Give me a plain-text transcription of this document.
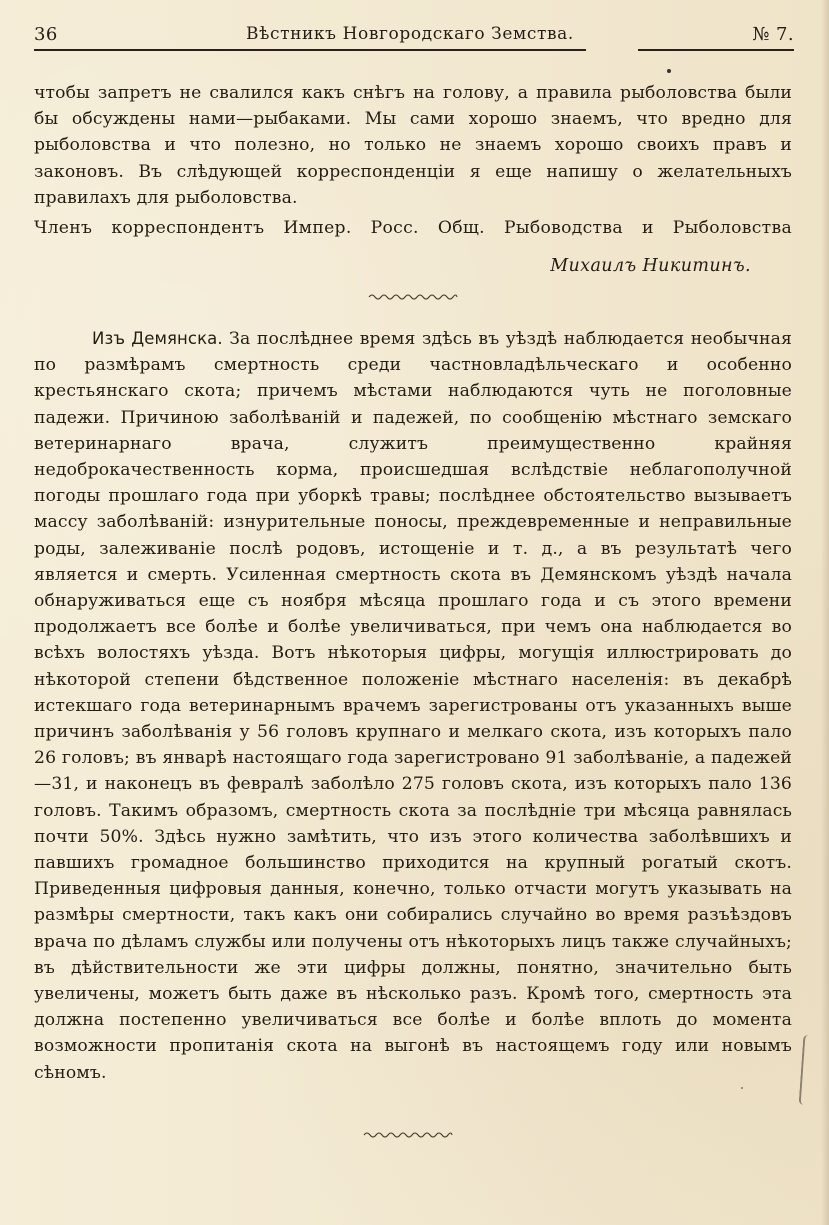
36	Вѣстникъ Новгородскаго Земства.	№ 7.
чтобы запретъ не свалился какъ снѣгъ на голову, а правила рыболовства были бы обсуждены нами—рыбаками. Мы сами хорошо знаемъ, что вредно для рыболовства и что полезно, но только не знаемъ хорошо своихъ правъ и законовъ. Въ слѣдующей корреспонденціи я еще напишу о желательныхъ правилахъ для рыболовства.
Членъ корреспондентъ Импер. Росс. Общ. Рыбоводства и Рыболовства
Михаилъ Никитинъ.
Изъ Демянска. За послѣднее время здѣсь въ уѣздѣ наблюдается необычная по размѣрамъ смертность среди частновладѣльческаго и особенно крестьянскаго скота; причемъ мѣстами наблюдаются чуть не поголовные падежи. Причиною заболѣваній и падежей, по сообщенію мѣстнаго земскаго ветеринарнаго врача, служитъ преимущественно крайняя недоброкачественность корма, происшедшая вслѣдствіе неблагополучной погоды прошлаго года при уборкѣ травы; послѣднее обстоятельство вызываетъ массу заболѣваній: изнурительные поносы, преждевременные и неправильные роды, залеживаніе послѣ родовъ, истощеніе и т. д., а въ результатѣ чего является и смерть. Усиленная смертность скота въ Демянскомъ уѣздѣ начала обнаруживаться еще съ ноября мѣсяца прошлаго года и съ этого времени продолжаетъ все болѣе и болѣе увеличиваться, при чемъ она наблюдается во всѣхъ волостяхъ уѣзда. Вотъ нѣкоторыя цифры, могущія иллюстрировать до нѣкоторой степени бѣдственное положеніе мѣстнаго населенія: въ декабрѣ истекшаго года ветеринарнымъ врачемъ зарегистрованы отъ указанныхъ выше причинъ заболѣванія у 56 головъ крупнаго и мелкаго скота, изъ которыхъ пало 26 головъ; въ январѣ настоящаго года зарегистровано 91 заболѣваніе, а падежей—31, и наконецъ въ февралѣ заболѣло 275 головъ скота, изъ которыхъ пало 136 головъ. Такимъ образомъ, смертность скота за послѣдніе три мѣсяца равнялась почти 50%. Здѣсь нужно замѣтить, что изъ этого количества заболѣвшихъ и павшихъ громадное большинство приходится на крупный рогатый скотъ. Приведенныя цифровыя данныя, конечно, только отчасти могутъ указывать на размѣры смертности, такъ какъ они собирались случайно во время разъѣздовъ врача по дѣламъ службы или получены отъ нѣкоторыхъ лицъ также случайныхъ; въ дѣйствительности же эти цифры должны, понятно, значительно быть увеличены, можетъ быть даже въ нѣсколько разъ. Кромѣ того, смертность эта должна постепенно увеличиваться все болѣе и болѣе вплоть до момента возможности пропитанія скота на выгонѣ въ настоящемъ году или новымъ сѣномъ.
